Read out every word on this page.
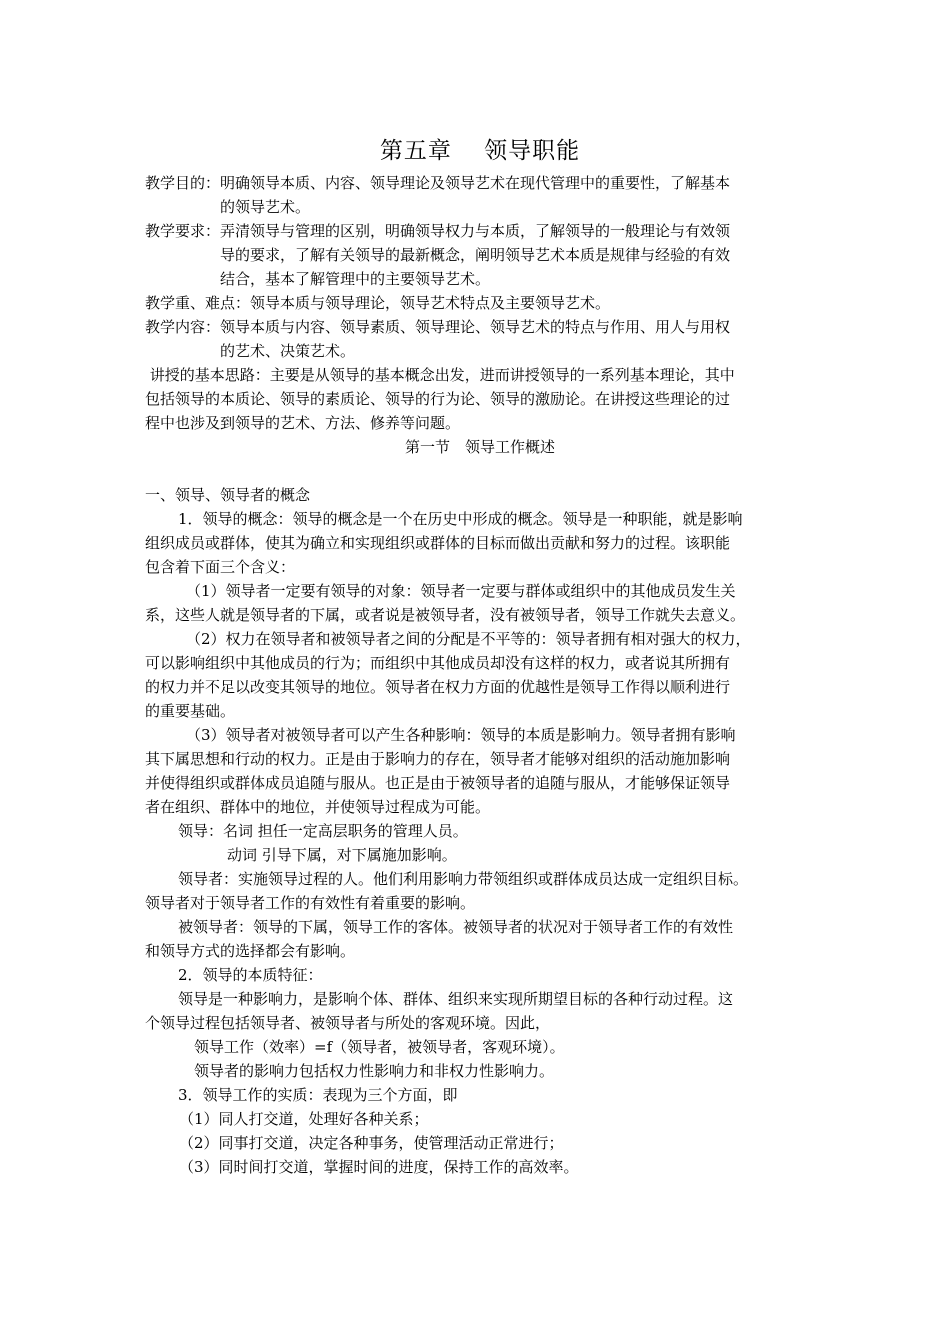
第五章　 领导职能
教学目的： 明确领导本质、内容、领导理论及领导艺术在现代管理中的重要性，了解基本
的领导艺术。
教学要求： 弄清领导与管理的区别，明确领导权力与本质，了解领导的一般理论与有效领
导的要求，了解有关领导的最新概念，阐明领导艺术本质是规律与经验的有效
结合，基本了解管理中的主要领导艺术。
教学重、难点： 领导本质与领导理论，领导艺术特点及主要领导艺术。
教学内容： 领导本质与内容、领导素质、领导理论、领导艺术的特点与作用、用人与用权
的艺术、决策艺术。
讲授的基本思路：主要是从领导的基本概念出发，进而讲授领导的一系列基本理论，其中
包括领导的本质论、领导的素质论、领导的行为论、领导的激励论。在讲授这些理论的过
程中也涉及到领导的艺术、方法、修养等问题。
第一节　领导工作概述
一、领导、领导者的概念
1．领导的概念：领导的概念是一个在历史中形成的概念。领导是一种职能，就是影响
组织成员或群体，使其为确立和实现组织或群体的目标而做出贡献和努力的过程。该职能
包含着下面三个含义：
（1）领导者一定要有领导的对象：领导者一定要与群体或组织中的其他成员发生关
系，这些人就是领导者的下属，或者说是被领导者，没有被领导者，领导工作就失去意义。
（2）权力在领导者和被领导者之间的分配是不平等的：领导者拥有相对强大的权力，
可以影响组织中其他成员的行为；而组织中其他成员却没有这样的权力，或者说其所拥有
的权力并不足以改变其领导的地位。领导者在权力方面的优越性是领导工作得以顺利进行
的重要基础。
（3）领导者对被领导者可以产生各种影响：领导的本质是影响力。领导者拥有影响
其下属思想和行动的权力。正是由于影响力的存在，领导者才能够对组织的活动施加影响
并使得组织或群体成员追随与服从。也正是由于被领导者的追随与服从，才能够保证领导
者在组织、群体中的地位，并使领导过程成为可能。
领导：名词 担任一定高层职务的管理人员。
动词 引导下属，对下属施加影响。
领导者：实施领导过程的人。他们利用影响力带领组织或群体成员达成一定组织目标。
领导者对于领导者工作的有效性有着重要的影响。
被领导者：领导的下属，领导工作的客体。被领导者的状况对于领导者工作的有效性
和领导方式的选择都会有影响。
2．领导的本质特征：
领导是一种影响力，是影响个体、群体、组织来实现所期望目标的各种行动过程。这
个领导过程包括领导者、被领导者与所处的客观环境。因此，
领导工作（效率）=f（领导者，被领导者，客观环境）。
领导者的影响力包括权力性影响力和非权力性影响力。
3．领导工作的实质：表现为三个方面，即
（1）同人打交道，处理好各种关系；
（2）同事打交道，决定各种事务，使管理活动正常进行；
（3）同时间打交道，掌握时间的进度，保持工作的高效率。
